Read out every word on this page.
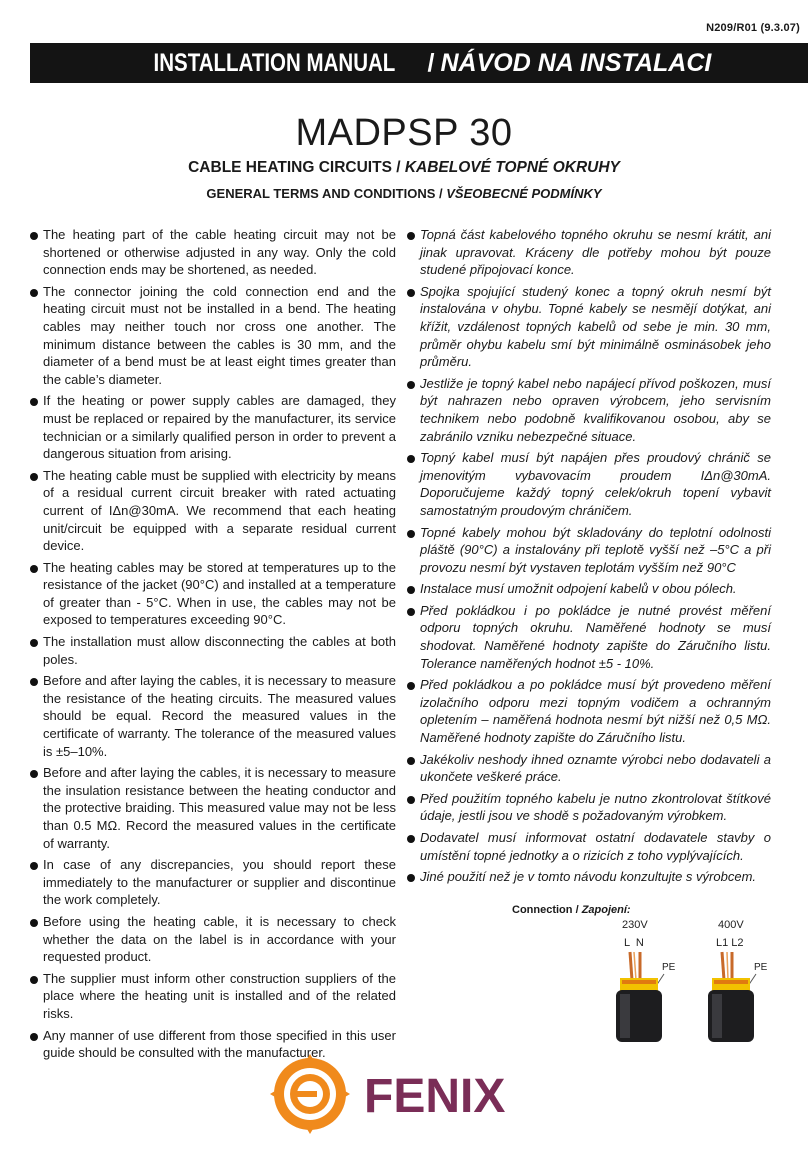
N209/R01 (9.3.07)
INSTALLATION MANUAL / NÁVOD NA INSTALACI
MADPSP 30
CABLE HEATING CIRCUITS / KABELOVÉ TOPNÉ OKRUHY
GENERAL TERMS AND CONDITIONS / VŠEOBECNÉ PODMÍNKY
The heating part of the cable heating circuit may not be shortened or otherwise adjusted in any way. Only the cold connection ends may be shortened, as needed.
The connector joining the cold connection end and the heating circuit must not be installed in a bend. The heating cables may neither touch nor cross one another. The minimum distance between the cables is 30 mm, and the diameter of a bend must be at least eight times greater than the cable’s diameter.
If the heating or power supply cables are damaged, they must be replaced or repaired by the manufacturer, its service technician or a similarly qualified person in order to prevent a dangerous situation from arising.
The heating cable must be supplied with electricity by means of a residual current circuit breaker with rated actuating current of IΔn@30mA. We recommend that each heating unit/circuit be equipped with a separate residual current device.
The heating cables may be stored at temperatures up to the resistance of the jacket (90°C) and installed at a temperature of greater than - 5°C. When in use, the cables may not be exposed to temperatures exceeding 90°C.
The installation must allow disconnecting the cables at both poles.
Before and after laying the cables, it is necessary to measure the resistance of the heating circuits. The measured values should be equal. Record the measured values in the certificate of warranty. The tolerance of the measured values is ±5–10%.
Before and after laying the cables, it is necessary to measure the insulation resistance between the heating conductor and the protective braiding. This measured value may not be less than 0.5 MΩ. Record the measured values in the certificate of warranty.
In case of any discrepancies, you should report these immediately to the manufacturer or supplier and discontinue the work completely.
Before using the heating cable, it is necessary to check whether the data on the label is in accordance with your requested product.
The supplier must inform other construction suppliers of the place where the heating unit is installed and of the related risks.
Any manner of use different from those specified in this user guide should be consulted with the manufacturer.
Topná část kabelového topného okruhu se nesmí krátit, ani jinak upravovat. Kráceny dle potřeby mohou být pouze studené připojovací konce.
Spojka spojující studený konec a topný okruh nesmí být instalována v ohybu. Topné kabely se nesmějí dotýkat, ani křížit, vzdálenost topných kabelů od sebe je min. 30 mm, průměr ohybu kabelu smí být minimálně osminásobek jeho průměru.
Jestliže je topný kabel nebo napájecí přívod poškozen, musí být nahrazen nebo opraven výrobcem, jeho servisním technikem nebo podobně kvalifikovanou osobou, aby se zabránilo vzniku nebezpečné situace.
Topný kabel musí být napájen přes proudový chránič se jmenovitým vybavovacím proudem IΔn@30mA. Doporučujeme každý topný celek/okruh topení vybavit samostatným proudovým chráničem.
Topné kabely mohou být skladovány do teplotní odolnosti pláště (90°C) a instalovány při teplotě vyšší než –5°C a při provozu nesmí být vystaven teplotám vyšším než 90°C
Instalace musí umožnit odpojení kabelů v obou pólech.
Před pokládkou i po pokládce je nutné provést měření odporu topných okruhu. Naměřené hodnoty se musí shodovat. Naměřené hodnoty zapište do Záručního listu. Tolerance naměřených hodnot ±5 - 10%.
Před pokládkou a po pokládce musí být provedeno měření izolačního odporu mezi topným vodičem a ochranným opletením – naměřená hodnota nesmí být nižší než 0,5 MΩ. Naměřené hodnoty zapište do Záručního listu.
Jakékoliv neshody ihned oznamte výrobci nebo dodavateli a ukončete veškeré práce.
Před použitím topného kabelu je nutno zkontrolovat štítkové údaje, jestli jsou ve shodě s požadovaným výrobkem.
Dodavatel musí informovat ostatní dodavatele stavby o umístění topné jednotky a o rizicích z toho vyplývajících.
Jiné použití než je v tomto návodu konzultujte s výrobcem.
Connection / Zapojení:
230V
L  N
PE
400V
L1 L2
PE
FENIX
